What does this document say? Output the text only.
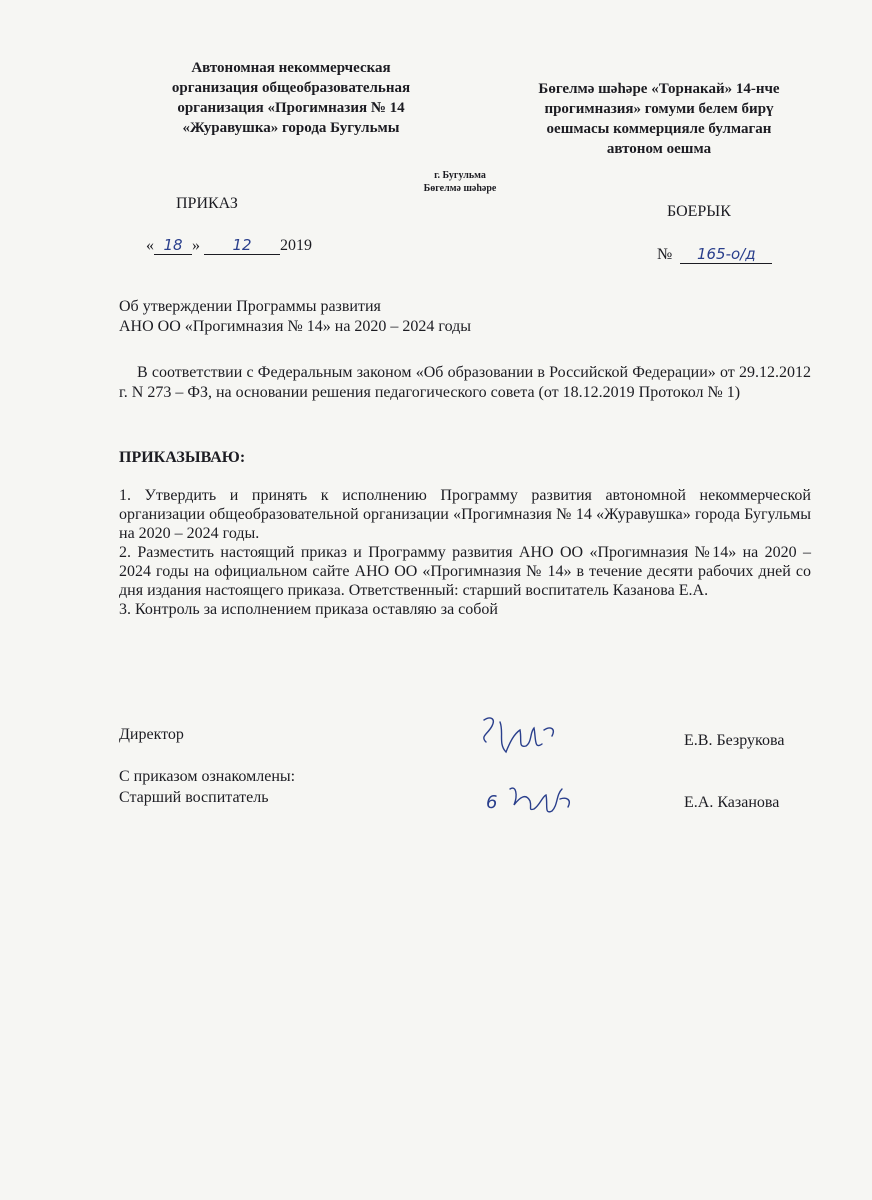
Автономная некоммерческая
организация общеобразовательная
организация «Прогимназия № 14
«Журавушка» города Бугульмы
Бөгелмә шәһәре «Торнакай» 14-нче
прогимназия» гомуми белем бирү
оешмасы коммерцияле булмаган
автоном оешма
г. Бугульма
Бөгелмә шәһәре
ПРИКАЗ	БОЕРЫК
« 18 » 12 2019
№ 165-о/д
Об утверждении Программы развития
АНО ОО «Прогимназия № 14» на 2020 – 2024 годы
В соответствии с Федеральным законом «Об образовании в Российской Федерации» от 29.12.2012 г. N 273 – ФЗ, на основании решения педагогического совета (от 18.12.2019 Протокол № 1)
ПРИКАЗЫВАЮ:
1. Утвердить и принять к исполнению Программу развития автономной некоммерческой организации общеобразовательной организации «Прогимназия № 14 «Журавушка» города Бугульмы на 2020 – 2024 годы.
2. Разместить настоящий приказ и Программу развития АНО ОО «Прогимназия №14» на 2020 – 2024 годы на официальном сайте АНО ОО «Прогимназия № 14» в течение десяти рабочих дней со дня издания настоящего приказа. Ответственный: старший воспитатель Казанова Е.А.
3. Контроль за исполнением приказа оставляю за собой
Директор	Е.В. Безрукова
С приказом ознакомлены:
Старший воспитатель	6	Е.А. Казанова
